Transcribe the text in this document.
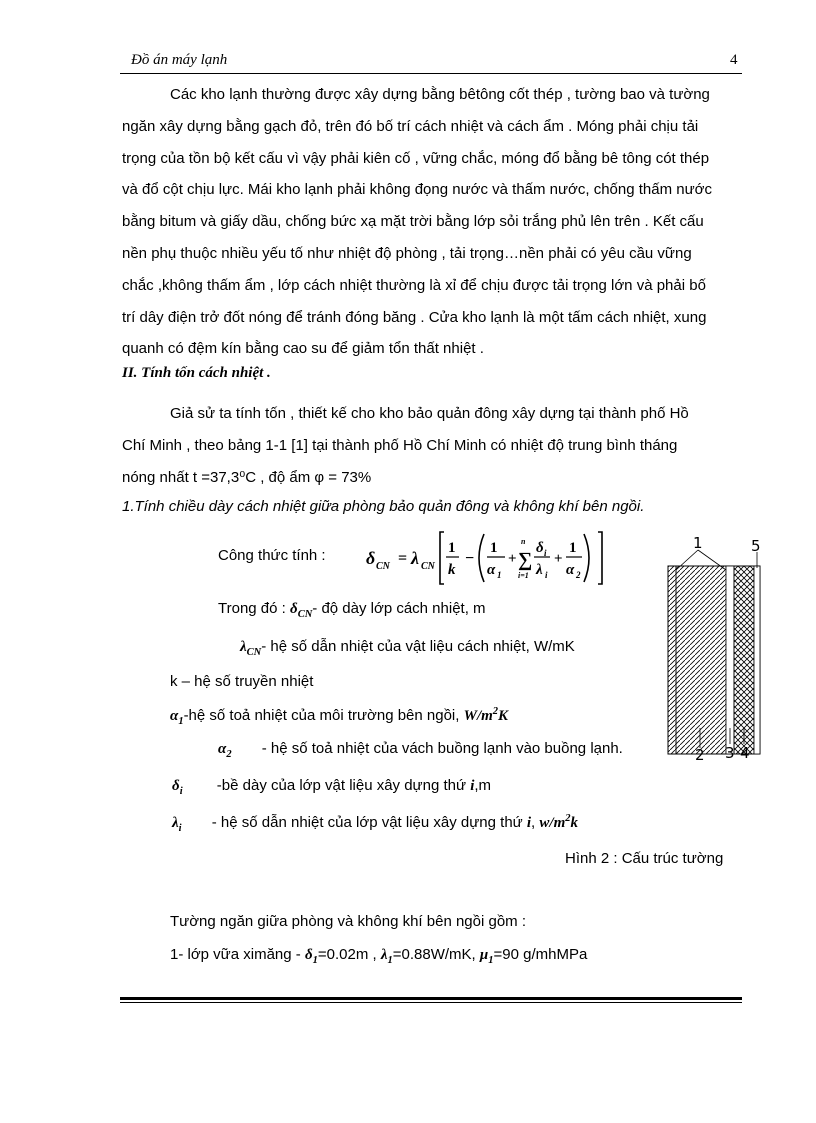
Đồ án máy lạnh	4
Các kho lạnh thường được xây dựng bằng bêtông cốt thép , tường bao và tường
ngăn xây dựng bằng gạch đỏ, trên đó bố trí cách nhiệt và cách ẩm . Móng phải chịu tải
trọng của tồn bộ kết cấu vì vậy phải kiên cố , vững chắc, móng đổ bằng bê tông cót thép
và đổ cột chịu lực. Mái kho lạnh phải không đọng nước và thấm nước, chống thấm nước
bằng bitum và giấy dầu, chống bức xạ mặt trời bằng lớp sỏi trắng phủ lên trên . Kết cấu
nền phụ thuộc nhiều yếu tố như nhiệt độ phòng , tải trọng…nền phải có yêu cầu vững
chắc ,không thấm ẩm , lớp cách nhiệt thường là xỉ để chịu được tải trọng lớn và phải bố
trí dây điện trở đốt nóng để tránh đóng băng . Cửa kho lạnh là một tấm cách nhiệt, xung
quanh có đệm kín bằng cao su để giảm tổn thất nhiệt .
II. Tính tốn cách nhiệt .
Giả sử ta tính tốn , thiết kế cho kho bảo quản đông xây dựng tại thành phố Hồ
Chí Minh , theo bảng 1-1 [1] tại thành phố Hồ Chí Minh có nhiệt độ trung bình tháng
nóng nhất t =37,3⁰C , độ ẩm φ = 73%
1.Tính chiều dày cách nhiệt giữa phòng bảo quản đông và không khí bên ngồi.
Công thức tính : δ CN = λ CN
1
k
−
1
α 1
+ ∑
n
i=1
δ i
λ i
+
1
α 2
Trong đó : $\delta_{CN}-$ độ dày lớp cách nhiệt, m
$\lambda_{CN}-$ hệ số dẫn nhiệt của vật liệu cách nhiệt, W/mK
k – hệ số truyền nhiệt
$\alpha_1-hệ$ số toả nhiệt của môi trường bên ngồi, $W/m^2K$
$\alpha_2$ - hệ số toả nhiệt của vách buồng lạnh vào buồng lạnh.
$\delta_i$ -bề dày của lớp vật liệu xây dựng thứ i,m
$\lambda_i$ - hệ số dẫn nhiệt của lớp vật liệu xây dựng thứ i, $w/m^2k$
1	5
2 3 4
Hình 2 : Cấu trúc tường
Tường ngăn giữa phòng và không khí bên ngồi gồm :
1- lớp vữa ximăng - $\delta_1=0.02m$ , $\lambda_1=0.88W/mK$, $\mu_1=90$ g/mhMPa
